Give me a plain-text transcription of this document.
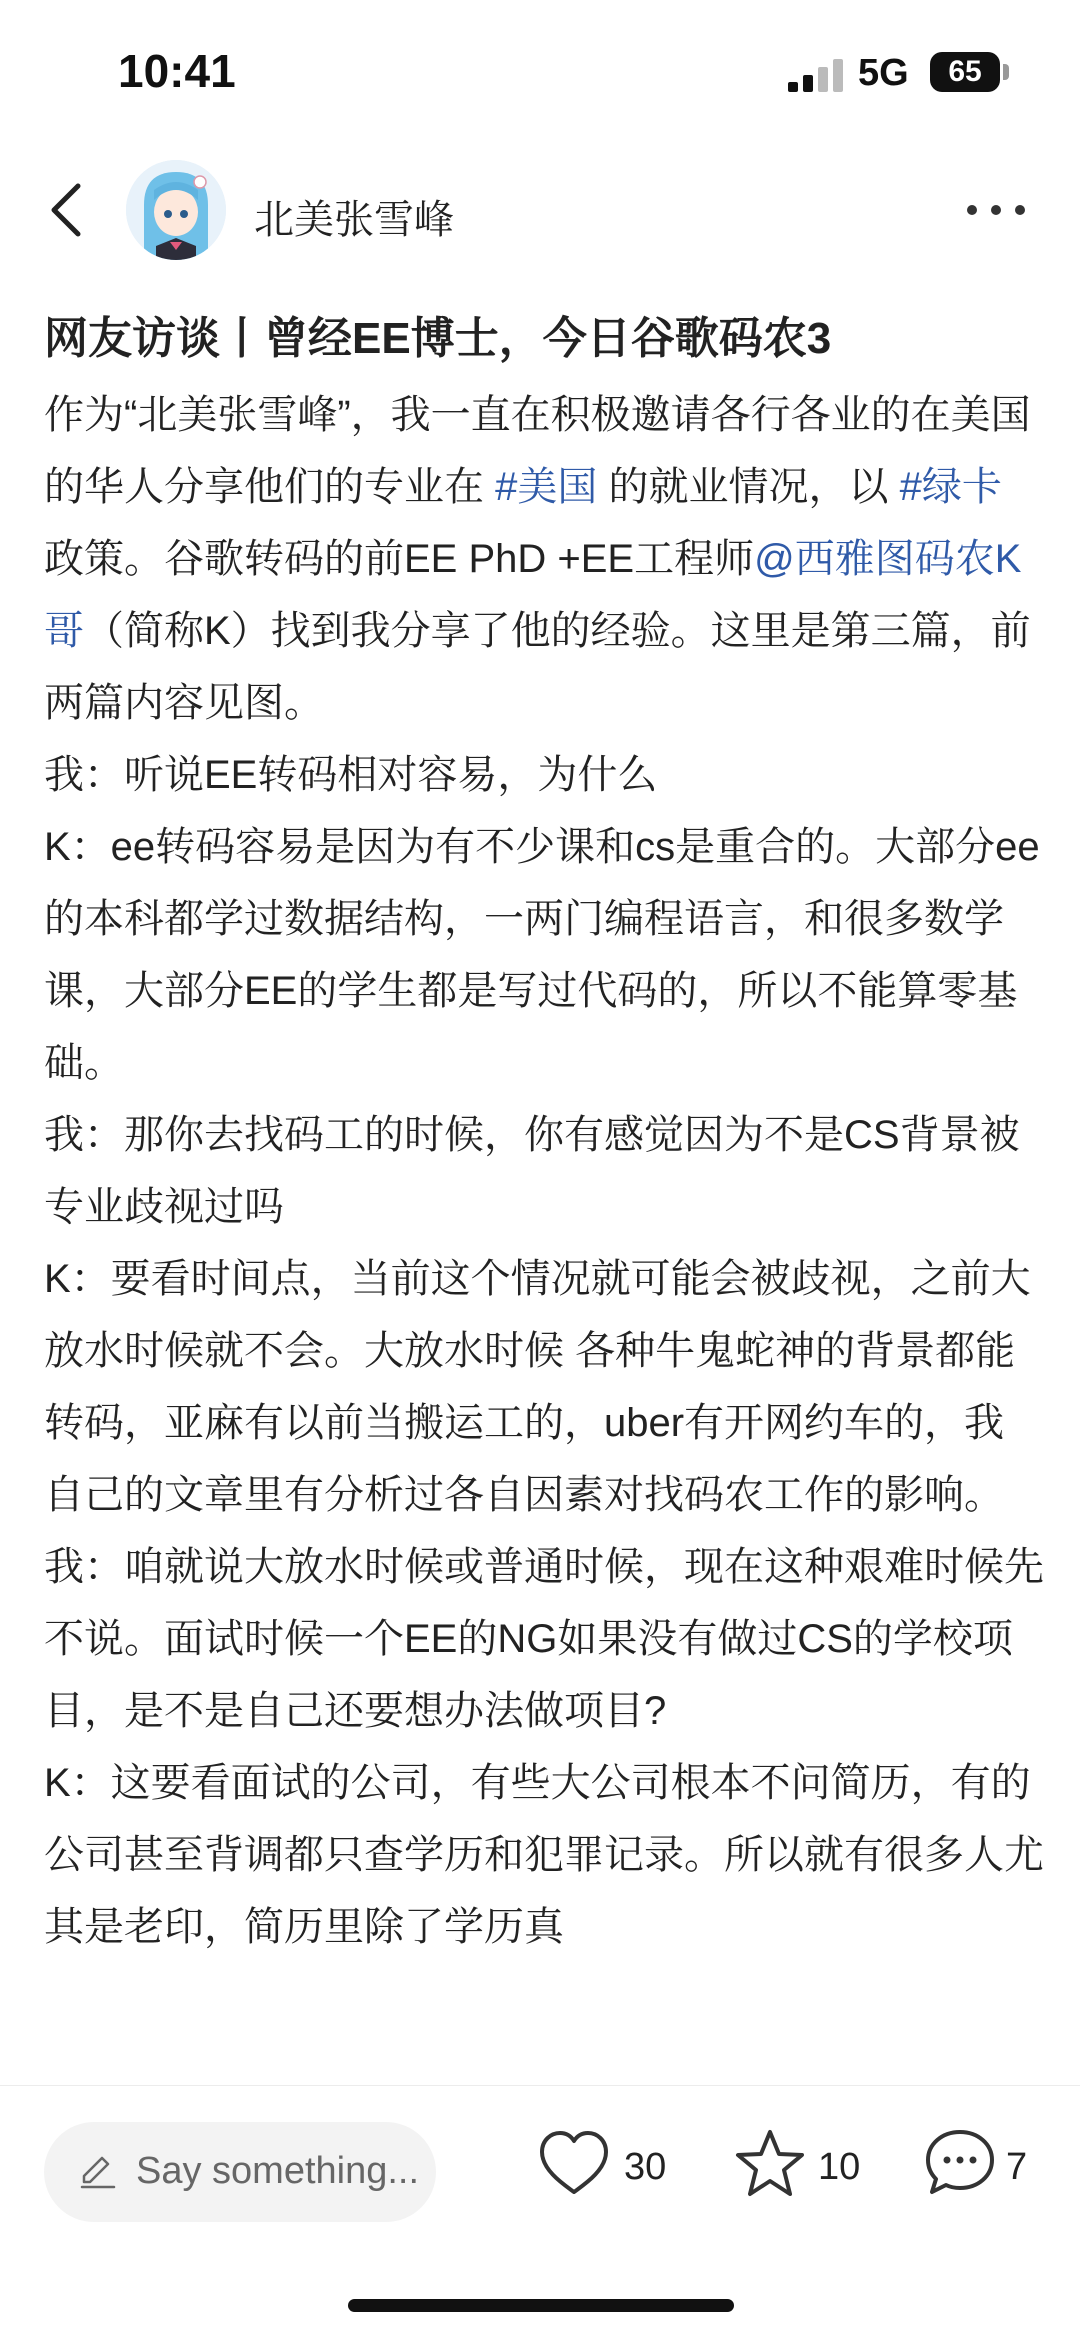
10:41	5G	65
北美张雪峰
网友访谈丨曾经EE博士，今日谷歌码农3

作为“北美张雪峰”，我一直在积极邀请各行各业的在美国的华人分享他们的专业在 #美国 的就业情况，以 #绿卡 政策。谷歌转码的前EE PhD +EE工程师@西雅图码农K哥（简称K）找到我分享了他的经验。这里是第三篇，前两篇内容见图。

我：听说EE转码相对容易，为什么

K：ee转码容易是因为有不少课和cs是重合的。大部分ee的本科都学过数据结构，一两门编程语言，和很多数学课，大部分EE的学生都是写过代码的，所以不能算零基础。

我：那你去找码工的时候，你有感觉因为不是CS背景被专业歧视过吗

K：要看时间点，当前这个情况就可能会被歧视，之前大放水时候就不会。大放水时候 各种牛鬼蛇神的背景都能转码，亚麻有以前当搬运工的，uber有开网约车的，我自己的文章里有分析过各自因素对找码农工作的影响。

我：咱就说大放水时候或普通时候，现在这种艰难时候先不说。面试时候一个EE的NG如果没有做过CS的学校项目，是不是自己还要想办法做项目?

K：这要看面试的公司，有些大公司根本不问简历，有的公司甚至背调都只查学历和犯罪记录。所以就有很多人尤其是老印，简历里除了学历真

Say something...	30	10	7
